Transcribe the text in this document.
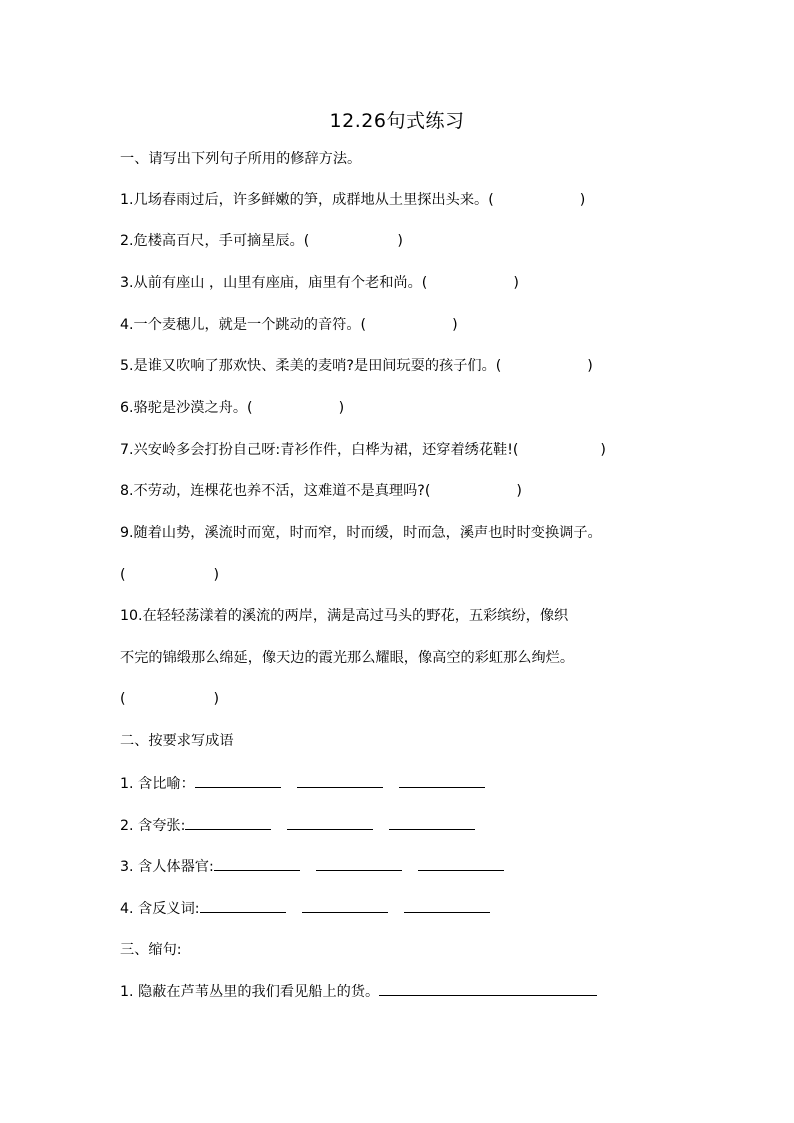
12.26句式练习
一、请写出下列句子所用的修辞方法。
1.几场春雨过后，许多鲜嫩的笋，成群地从土里探出头来。(	)
2.危楼高百尺，手可摘星辰。(	)
3.从前有座山 ，山里有座庙，庙里有个老和尚。(	)
4.一个麦穗儿，就是一个跳动的音符。(	)
5.是谁又吹响了那欢快、柔美的麦哨?是田间玩耍的孩子们。(	)
6.骆驼是沙漠之舟。(	)
7.兴安岭多会打扮自己呀:青衫作件，白桦为裙，还穿着绣花鞋!(	)
8.不劳动，连棵花也养不活，这难道不是真理吗?(	)
9.随着山势，溪流时而宽，时而窄，时而缓，时而急，溪声也时时变换调子。
(	)
10.在轻轻荡漾着的溪流的两岸，满是高过马头的野花，五彩缤纷，像织
不完的锦缎那么绵延，像天边的霞光那么耀眼，像高空的彩虹那么绚烂。
(	)
二、按要求写成语
1. 含比喻：
2. 含夸张:
3. 含人体器官:
4. 含反义词:
三、缩句:
1. 隐蔽在芦苇丛里的我们看见船上的货。
